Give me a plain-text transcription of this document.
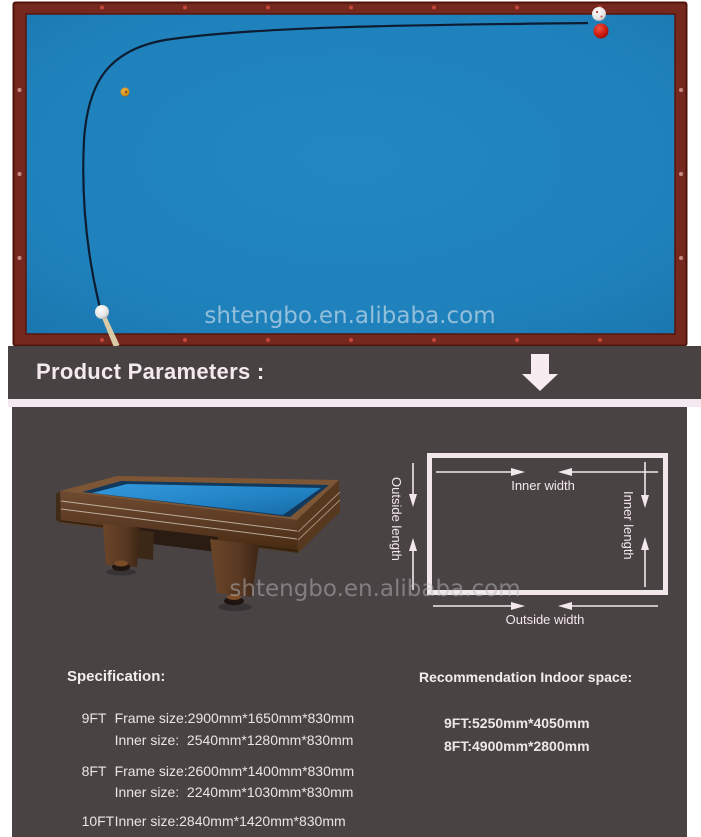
shtengbo.en.alibaba.com
Product Parameters :
Inner width
Inner length
Outside length
Outside width
shtengbo.en.alibaba.com
Specification:

9FT Frame size:2900mm*1650mm*830mm

Inner size:  2540mm*1280mm*830mm

8FT Frame size:2600mm*1400mm*830mm

Inner size:  2240mm*1030mm*830mm

10FTInner size:2840mm*1420mm*830mm

Recommendation Indoor space:
9FT:5250mm*4050mm
8FT:4900mm*2800mm
